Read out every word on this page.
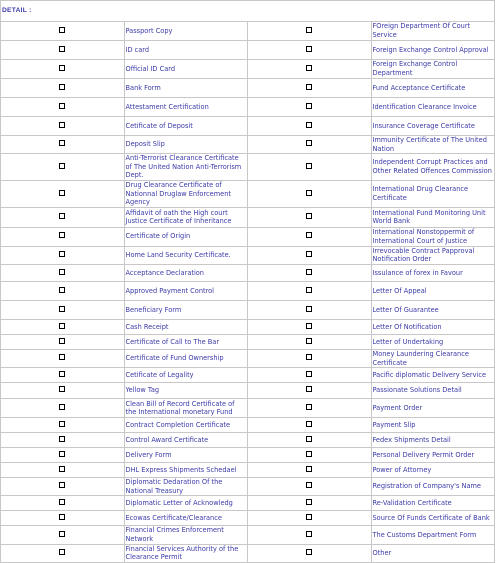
DETAIL :			
	Passport Copy		FOreign Department Of Court Service
	ID card		Foreign Exchange Control Approval
	Official ID Card		Foreign Exchange Control Department
	Bank Form		Fund Acceptance Certificate
	Attestament Certification		Identification Clearance Invoice
	Cetificate of Deposit		Insurance Coverage Certificate
	Deposit Slip		Immunity Certificate of The United Nation
	Anti-Terrorist Clearance Certificate of The United Nation Anti-Terrorism Dept.		Independent Corrupt Practices and Other Related Offences Commission
	Drug Clearance Certificate of Nationnal Druglaw Enforcement Agency		International Drug Clearance Certificate
	Affidavit of oath the High court Justice Certificate of Inheritance		International Fund Monitoring Unit World Bank
	Certificate of Origin		International Nonstoppermit of International Court of Justice
	Home Land Security Certificate.		Irrevocable Contract Papproval Notification Order
	Acceptance Declaration		Issulance of forex in Favour
	Approved Payment Control		Letter Of Appeal
	Beneficiary Form		Letter Of Guarantee
	Cash Receipt		Letter Of Notification
	Certificate of Call to The Bar		Letter of Undertaking
	Certificate of Fund Ownership		Money Laundering Clearance Certificate
	Cetificate of Legality		Pacific diplomatic Delivery Service
	Yellow Tag		Passionate Solutions Detail
	Clean Bill of Record Certificate of the International monetary Fund		Payment Order
	Contract Completion Certificate		Payment Slip
	Control Award Certificate		Fedex Shipments Detail
	Delivery Form		Personal Delivery Permit Order
	DHL Express Shipments Schedael		Power of Attorney
	Diplomatic Dedaration Of the National Treasury		Registration of Company's Name
	Diplomatic Letter of Acknowledg		Re-Validation Certificate
	Ecowas Certificate/Clearance		Source Of Funds Certificate of Bank
	Financial Crimes Enforcement Network		The Customs Department Form
	Financial Services Authority of the Clearance Permit		Other
